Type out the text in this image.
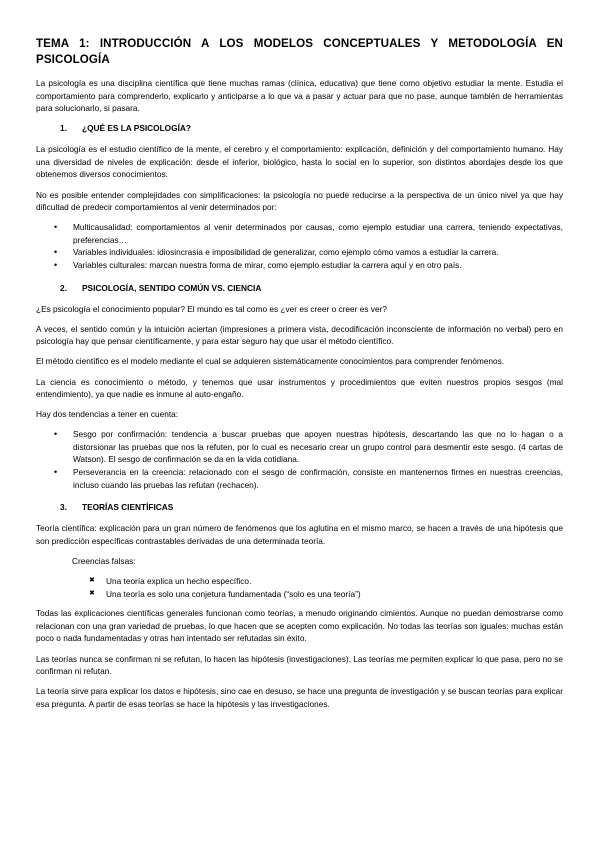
TEMA 1: INTRODUCCIÓN A LOS MODELOS CONCEPTUALES Y METODOLOGÍA EN PSICOLOGÍA

La psicología es una disciplina científica que tiene muchas ramas (clínica, educativa) que tiene como objetivo estudiar la mente. Estudia el comportamiento para comprenderlo, explicarlo y anticiparse a lo que va a pasar y actuar para que no pase, aunque también de herramientas para solucionarlo, si pasara.

1.	¿QUÉ ES LA PSICOLOGÍA?

La psicología es el estudio científico de la mente, el cerebro y el comportamiento: explicación, definición y del comportamiento humano. Hay una diversidad de niveles de explicación: desde el inferior, biológico, hasta lo social en lo superior, son distintos abordajes desde los que obtenemos diversos conocimientos.

No es posible entender complejidades con simplificaciones: la psicología no puede reducirse a la perspectiva de un único nivel ya que hay dificultad de predecir comportamientos al venir determinados por:

• Multicausalidad: comportamientos al venir determinados por causas, como ejemplo estudiar una carrera, teniendo expectativas, preferencias…
• Variables individuales: idiosincrasia e imposibilidad de generalizar, como ejemplo cómo vamos a estudiar la carrera.
• Variables culturales: marcan nuestra forma de mirar, como ejemplo estudiar la carrera aquí y en otro país.
2.	PSICOLOGÍA, SENTIDO COMÚN VS. CIENCIA

¿Es psicología el conocimiento popular? El mundo es tal como es ¿ver es creer o creer es ver?

A veces, el sentido común y la intuición aciertan (impresiones a primera vista, decodificación inconsciente de información no verbal) pero en psicología hay que pensar científicamente, y para estar seguro hay que usar el método científico.

El método científico es el modelo mediante el cual se adquieren sistemáticamente conocimientos para comprender fenómenos.

La ciencia es conocimiento o método, y tenemos que usar instrumentos y procedimientos que eviten nuestros propios sesgos (mal entendimiento), ya que nadie es inmune al auto-engaño.

Hay dos tendencias a tener en cuenta:

• Sesgo por confirmación: tendencia a buscar pruebas que apoyen nuestras hipótesis, descartando las que no lo hagan o a distorsionar las pruebas que nos la refuten, por lo cual es necesario crear un grupo control para desmentir este sesgo. (4 cartas de Watson). El sesgo de confirmación se da en la vida cotidiana.
• Perseverancia en la creencia: relacionado con el sesgo de confirmación, consiste en mantenernos firmes en nuestras creencias, incluso cuando las pruebas las refutan (rechacen).
3.	TEORÍAS CIENTÍFICAS

Teoría científica: explicación para un gran número de fenómenos que los aglutina en el mismo marco, se hacen a través de una hipótesis que son predicción específicas contrastables derivadas de una determinada teoría.

Creencias falsas:

✖ Una teoría explica un hecho específico.
✖ Una teoría es solo una conjetura fundamentada (“solo es una teoría”)

Todas las explicaciones científicas generales funcionan como teorías, a menudo originando cimientos. Aunque no puedan demostrarse como relacionan con una gran variedad de pruebas, lo que hacen que se acepten como explicación. No todas las teorías son iguales: muchas están poco o nada fundamentadas y otras han intentado ser refutadas sin éxito.

Las teorías nunca se confirman ni se refutan, lo hacen las hipótesis (investigaciones). Las teorías me permiten explicar lo que pasa, pero no se confirman ni refutan.

La teoría sirve para explicar los datos e hipótesis, sino cae en desuso, se hace una pregunta de investigación y se buscan teorías para explicar esa pregunta. A partir de esas teorías se hace la hipótesis y las investigaciones.
